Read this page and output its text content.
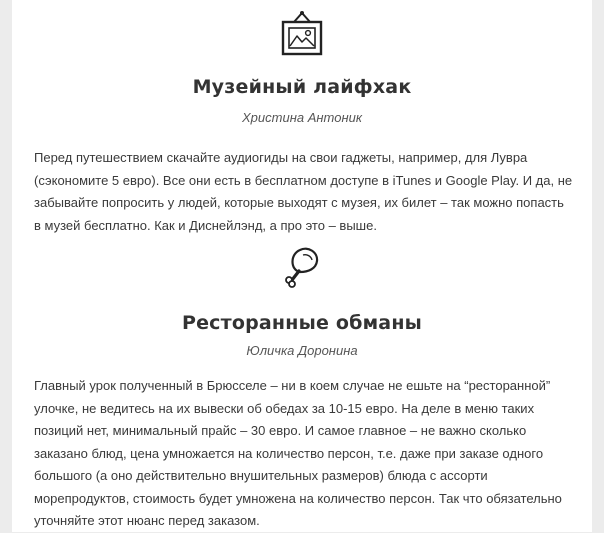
Музейный лайфхак
Христина Антоник

Перед путешествием скачайте аудиогиды на свои гаджеты, например, для Лувра (сэкономите 5 евро). Все они есть в бесплатном доступе в iTunes и Google Play. И да, не забывайте попросить у людей, которые выходят с музея, их билет – так можно попасть в музей бесплатно. Как и Диснейлэнд, а про это – выше.

Ресторанные обманы
Юличка Доронина

Главный урок полученный в Брюсселе – ни в коем случае не ешьте на “ресторанной” улочке, не ведитесь на их вывески об обедах за 10-15 евро. На деле в меню таких позиций нет, минимальный прайс – 30 евро. И самое главное – не важно сколько заказано блюд, цена умножается на количество персон, т.е. даже при заказе одного большого (а оно действительно внушительных размеров) блюда с ассорти морепродуктов, стоимость будет умножена на количество персон. Так что обязательно уточняйте этот нюанс перед заказом.
